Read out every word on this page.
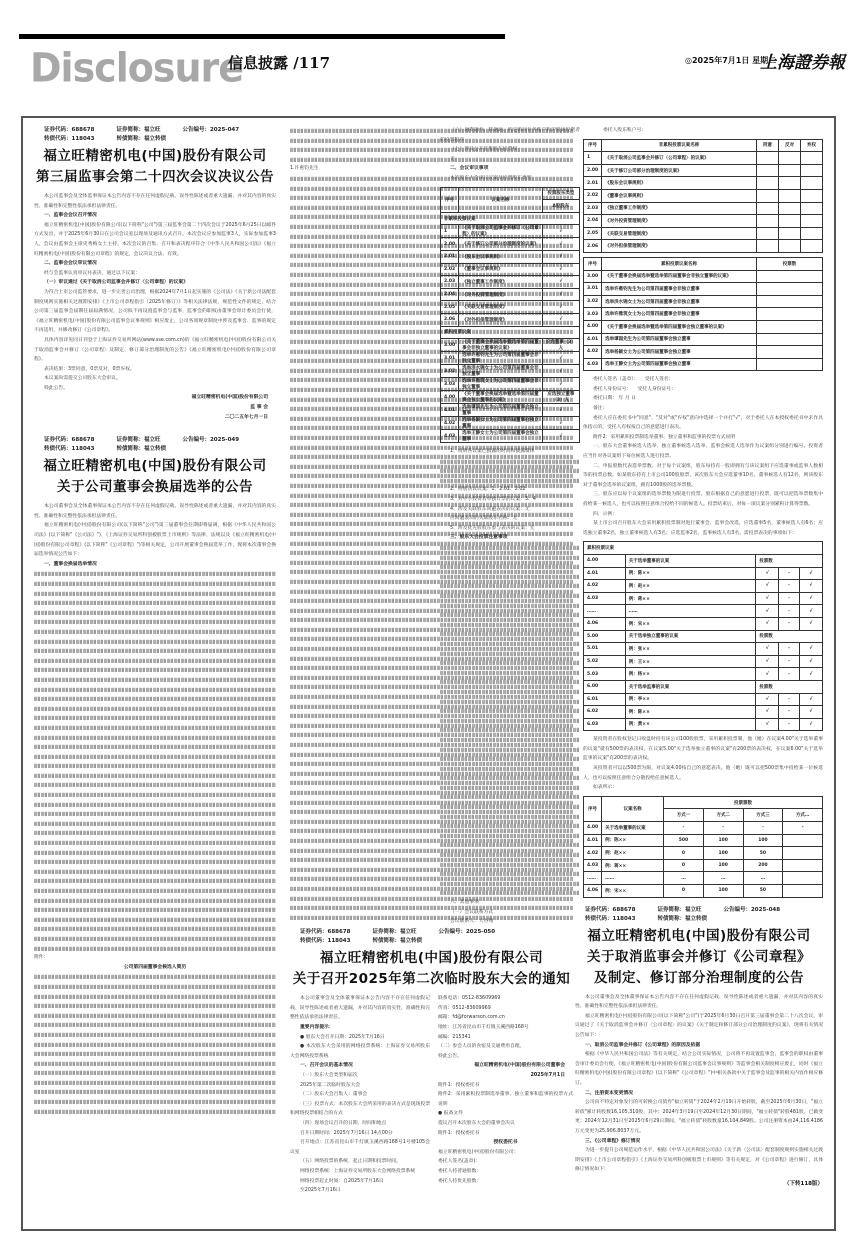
Disclosure
信息披露 /117	◎2025年7月1日 星期二
上海證券報
证券代码：688678	证券简称：福立旺	公告编号：2025-047
转债代码：118043	转债简称：福立转债
福立旺精密机电(中国)股份有限公司
第三届监事会第二十四次会议决议公告

本公司监事会及全体监事保证本公告内容不存在任何虚假记载、误导性陈述或者重大遗漏，并对其内容的真实性、准确性和完整性依法承担法律责任。

一、监事会会议召开情况

福立旺精密机电(中国)股份有限公司(以下简称"公司")第三届监事会第二十四次会议于2025年6月25日以邮件方式发出，并于2025年6月30日在公司会议室以现场及通讯方式召开。本次会议应参加监事3人，实际参加监事3人，会议由监事会主席史秀梅女士主持。本次会议的召集、召开和表决程序符合《中华人民共和国公司法》《福立旺精密机电(中国)股份有限公司章程》的规定，会议决议合法、有效。

二、监事会会议审议情况

经与会监事认真审议并表决，通过以下议案：

（一）审议通过《关于取消公司监事会并修订〈公司章程〉的议案》

为符合上市公司监管要求，进一步完善公司治理，根据2024年7月1日起实施的《公司法》《关于新公司法配套制度规则实施相关过渡期安排》《上市公司章程指引（2025年修订）》等相关法律法规、规范性文件的规定，结合公司第三届监事会届期任届届满情况，公司拟不再设置监事会与监事，监事会的职权由董事会审计委员会行使，《福立旺精密机电(中国)股份有限公司监事会议事规则》相应废止，公司各项规章制度中涉及监事会、监事的规定不再适用，并修改修订《公司章程》。

具体内容详见同日刊登于上海证券交易所网站(www.sse.com.cn)的《福立旺精密机电(中国)股份有限公司关于取消监事会并修订〈公司章程〉及制定、修订部分治理制度的公告》《福立旺精密机电(中国)股份有限公司章程》。

表决结果：3票同意，0票反对，0票弃权。

本议案尚需提交公司股东大会审议。

特此公告。

福立旺精密机电(中国)股份有限公司

监 事 会

二〇二五年七月一日

证券代码：688678	证券简称：福立旺	公告编号：2025-049
转债代码：118043	转债简称：福立转债
福立旺精密机电(中国)股份有限公司
关于公司董事会换届选举的公告

本公司董事会及全体董事保证本公告内容不存在任何虚假记载、误导性陈述或者重大遗漏，并对其内容的真实性、准确性和完整性依法承担法律责任。

福立旺精密机电(中国)股份有限公司(以下简称"公司")第三届董事会任期即将届满，根据《中华人民共和国公司法》(以下简称"《公司法》")、《上海证券交易所科创板股票上市规则》等法律、法规以及《福立旺精密机电(中国)股份有限公司章程》(以下简称"《公司章程》")等相关规定，公司开展董事会换届选举工作，现将本次董事会换届选举情况公告如下：

一、董事会换届选举情况

附件：

公司第四届董事会候选人简历

1.许惠钧先生

证券代码：688678	证券简称：福立旺	公告编号：2025-050
转债代码：118043	转债简称：福立转债
福立旺精密机电(中国)股份有限公司
关于召开2025年第二次临时股东大会的通知

本公司董事会及全体董事保证本公告内容不存在任何虚假记载、误导性陈述或者重大遗漏，并对其内容的真实性、准确性和完整性依法承担法律责任。

重要内容提示：

● 股东大会召开日期：2025年7月16日

● 本次股东大会采用的网络投票系统：上海证券交易所股东大会网络投票系统

一、召开会议的基本情况

（一）股东大会类型和届次

2025年第二次临时股东大会

（二）股东大会召集人：董事会

（三）投票方式：本次股东大会所采用的表决方式是现场投票和网络投票相结合的方式

（四）现场会议召开的日期、时间和地点

召开日期时间：2025年7月16日 14点00分

召开地点：江苏省昆山市千灯镇玉溪西路168号1号楼105会议室

（五）网络投票的系统、起止日期和投票时间。

网络投票系统：上海证券交易所股东大会网络投票系统

网络投票起止时间：自2025年7月16日

至2025年7月16日

联系电话：0512-83609969

传真：0512-83609969

邮箱：fd@forwarson.com.cn

地址：江苏省昆山市千灯镇玉溪西路168号

邮编：215341

（二）参会人员的食宿及交通费用自理。

特此公告。

福立旺精密机电(中国)股份有限公司董事会

2025年7月1日

附件1：授权委托书

附件2：采用累积投票制选举董事、独立董事和监事的投票方式说明

● 报备文件

提议召开本次股东大会的董事会决议

附件1：授权委托书

授权委托书

福立旺精密机电(中国)股份有限公司：

委托人签名(盖章)：

委托人持普通股数：

委托人持优先股数：

（六）融资融券、转融通、约定购回业务账户和沪股通投资者的投票程序

（七）涉及公开征集股东投票权

无

二、会议审议事项

本次股东大会审议议案及投票股东类型

序号	议案名称	投票股东类型
		A股股东
非累积投票议案		
1	《关于取消公司监事会并修订〈公司章程〉的议案》	√
2.00	《关于修订公司部分治理制度的议案》	√
2.01	《股东会议事规则》	√
2.02	《董事会议事规则》	√
2.03	《独立董事工作制度》	√
2.04	《对外投资管理制度》	√
2.05	《关联交易管理制度》	√
2.06	《对外担保管理制度》	√
累积投票议案		
3.00	《关于董事会换届选举暨选举第四届董事会非独立董事的议案》	应选董事（3）人
3.01	选举许惠钧先生为公司第四届董事会非独立董事	√
3.02	选举洪水锦女士为公司第四届董事会非独立董事	√
3.03	选举许雅筑女士为公司第四届董事会非独立董事	√
4.00	《关于董事会换届选举暨选举第四届董事会独立董事的议案》	应选独立董事（3）人
4.01	选举谭国先生为公司第四届董事会独立董事	√
4.02	选举杨颖女士为公司第四届董事会独立董事	√
4.03	选举王静女士为公司第四届董事会独立董事	√

1、说明各议案已披露的时间和披露媒体

2、特别决议议案：1、2.01、2.02

3、对中小投资者单独计票的议案：3、4

4、涉及关联股东回避表决的议案：无

应回避表决的关联股东名称：无

5、涉及优先股股东参与表决的议案：无

三、股东大会投票注意事项

六、其他事项

（一）会议联系方式

会议联系人：大谷翔

委托人股东账户号：

序号	非累积投票议案名称	同意	反对	弃权
1	《关于取消公司监事会并修订〈公司章程〉的议案》			
2.00	《关于修订公司部分治理制度的议案》			
2.01	《股东会议事规则》			
2.02	《董事会议事规则》			
2.03	《独立董事工作制度》			
2.04	《对外投资管理制度》			
2.05	《关联交易管理制度》			
2.06	《对外担保管理制度》			
序号	累积投票议案名称	投票数
3.00	《关于董事会换届选举暨选举第四届董事会非独立董事的议案》	
3.01	选举许惠钧先生为公司第四届董事会非独立董事	
3.02	选举洪水锦女士为公司第四届董事会非独立董事	
3.03	选举许雅筑女士为公司第四届董事会非独立董事	
4.00	《关于董事会换届选举暨选举第四届董事会独立董事的议案》	
4.01	选举谭国先生为公司第四届董事会独立董事	
4.02	选举杨颖女士为公司第四届董事会独立董事	
4.03	选举王静女士为公司第四届董事会独立董事	

委托人签名（盖章）： 受托人签名：

委托人身份证号： 受托人身份证号：

委托日期： 年 月 日

备注：

委托人应在委托书中"同意"、"反对"或"弃权"意向中选择一个并打"√"，对于委托人在本授权委托书中未作具体指示的，受托人有权按自己的意愿进行表决。

附件2：采用累积投票制选举董事、独立董事和监事的投票方式说明

一、股东大会董事候选人选举、独立董事候选人选举、监事会候选人选举作为议案组分别进行编号。投资者应当针对各议案组下每位候选人进行投票。

二、申报股数代表选举票数。对于每个议案组，股东每持有一股即拥有与该议案组下应选董事或监事人数相等的投票总数。如某股东持有上市公司100股股票，该次股东大会应选董事10名，董事候选人有12名，则该股东对于董事会选举的议案组，拥有1000股的选举票数。

三、股东应以每个议案组的选举票数为限进行投票。股东根据自己的意愿进行投票，既可以把选举票数集中投给某一候选人，也可以按照任意组合投给不同的候选人。投票结束后，对每一项议案分别累积计算得票数。

四、示例：

某上市公司召开股东大会采用累积投票制对进行董事会、监事会改选，应选董事5名，董事候选人有6名；应选独立董事2名，独立董事候选人有3名；应选监事2名，监事候选人有3名。需投票表决的事项如下：

累积投票议案				
4.00	关于选举董事的议案	投票数		
4.01	例：陈××	√	-	√
4.02	例：赵××	√	-	√
4.03	例：蒋××	√	-	√
……	……	√	-	√
4.06	例：宋××	√	-	√
5.00	关于选举独立董事的议案	投票数		
5.01	例：张××	√	-	√
5.02	例：王××	√	-	√
5.03	例：杨××	√	-	√
6.00	关于选举监事的议案	投票数		
6.01	例：李××	√	-	√
6.02	例：陈××	√	-	√
6.03	例：黄××	√	-	√

某投资者在股权登记日收盘时持有该公司100股股票，采用累积投票制，他（她）在议案4.00"关于选举董事的议案"就有500票的表决权，在议案5.00"关于选举独立董事的议案"有200票的表决权，在议案6.00"关于选举监事的议案"有200票的表决权。

该投资者可以以500票为限，对议案4.00按自己的意愿表决。他（她）既可以把500票集中投给某一位候选人，也可以按照任意组合分散投给任意候选人。

如表所示：

序号	议案名称	投票票数			
		方式一	方式二	方式三	方式…
4.00	关于选举董事的议案	-	-	-	-
4.01	例：陈××	500	100	100	
4.02	例：赵××	0	100	50	
4.03	例：蒋××	0	100	200	
……	……	…	…	…	
4.06	例：宋××	0	100	50	
证券代码：688678	证券简称：福立旺	公告编号：2025-048
转债代码：118043	转债简称：福立转债
福立旺精密机电(中国)股份有限公司
关于取消监事会并修订《公司章程》
及制定、修订部分治理制度的公告

本公司董事会及全体董事保证本公告内容不存在任何虚假记载、误导性陈述或者重大遗漏，并对其内容的真实性、准确性和完整性依法承担法律责任。

福立旺精密机电(中国)股份有限公司(以下简称"公司")于2025年6月30日召开第三届董事会第二十八次会议，审议通过了《关于取消监事会并修订〈公司章程〉的议案》《关于制定和修订部分公司治理制度的议案》，现将有关情况公告如下：

一、取消公司监事会并修订《公司章程》的原因及依据

根据《中华人民共和国公司法》等有关规定，结合公司实际情况，公司将不再设置监事会，监事会的职权由董事会审计委员会行使，《福立旺精密机电(中国)股份有限公司监事会议事规则》等监事会相关制度相应废止，同时《福立旺精密机电(中国)股份有限公司章程》(以下简称"《公司章程》")中相关条款中关于监事会及监事的相关内容作相应修订。

二、注册资本变更情况

公司向不特定对象发行的可转换公司债券"福立转债"于2024年2月19日开始转股，截至2025年6月30日，"福立转债"累计转股数16,105,310股，其中：2024年3月19日至2024年12月30日期间，"福立转债"转股481股，已做变更；2024年12月31日至2025年6月29日期间，"福立转债"转股数量16,104,849股。公司注册资本由24,116.4186万元变更为25,906.8037万元。

三、《公司章程》修订情况

为进一步提升公司规范运作水平，根据《中华人民共和国公司法》《关于新〈公司法〉配套制度规则实施相关过渡期安排》《上市公司章程指引》《上海证券交易所科创板股票上市规则》等有关规定，对《公司章程》进行修订，具体修订情况如下：

（下转118版）
